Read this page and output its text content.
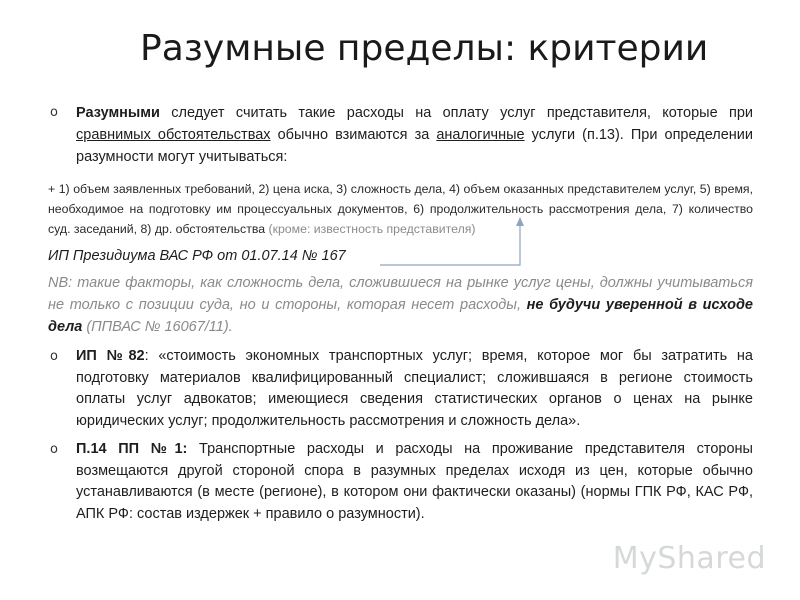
Разумные пределы: критерии
o Разумными следует считать такие расходы на оплату услуг представителя, которые при сравнимых обстоятельствах обычно взимаются за аналогичные услуги (п.13). При определении разумности могут учитываться:
+ 1) объем заявленных требований, 2) цена иска, 3) сложность дела, 4) объем оказанных представителем услуг, 5) время, необходимое на подготовку им процессуальных документов, 6) продолжительность рассмотрения дела, 7) количество суд. заседаний, 8) др. обстоятельства (кроме: известность представителя)
ИП Президиума ВАС РФ от 01.07.14 № 167
NB: такие факторы, как сложность дела, сложившиеся на рынке услуг цены, должны учитываться не только с позиции суда, но и стороны, которая несет расходы, не будучи уверенной в исходе дела (ППВАС № 16067/11).
o ИП №82: «стоимость экономных транспортных услуг; время, которое мог бы затратить на подготовку материалов квалифицированный специалист; сложившаяся в регионе стоимость оплаты услуг адвокатов; имеющиеся сведения статистических органов о ценах на рынке юридических услуг; продолжительность рассмотрения и сложность дела».
o П.14 ПП №1: Транспортные расходы и расходы на проживание представителя стороны возмещаются другой стороной спора в разумных пределах исходя из цен, которые обычно устанавливаются (в месте (регионе), в котором они фактически оказаны) (нормы ГПК РФ, КАС РФ, АПК РФ: состав издержек + правило о разумности).
MyShared
